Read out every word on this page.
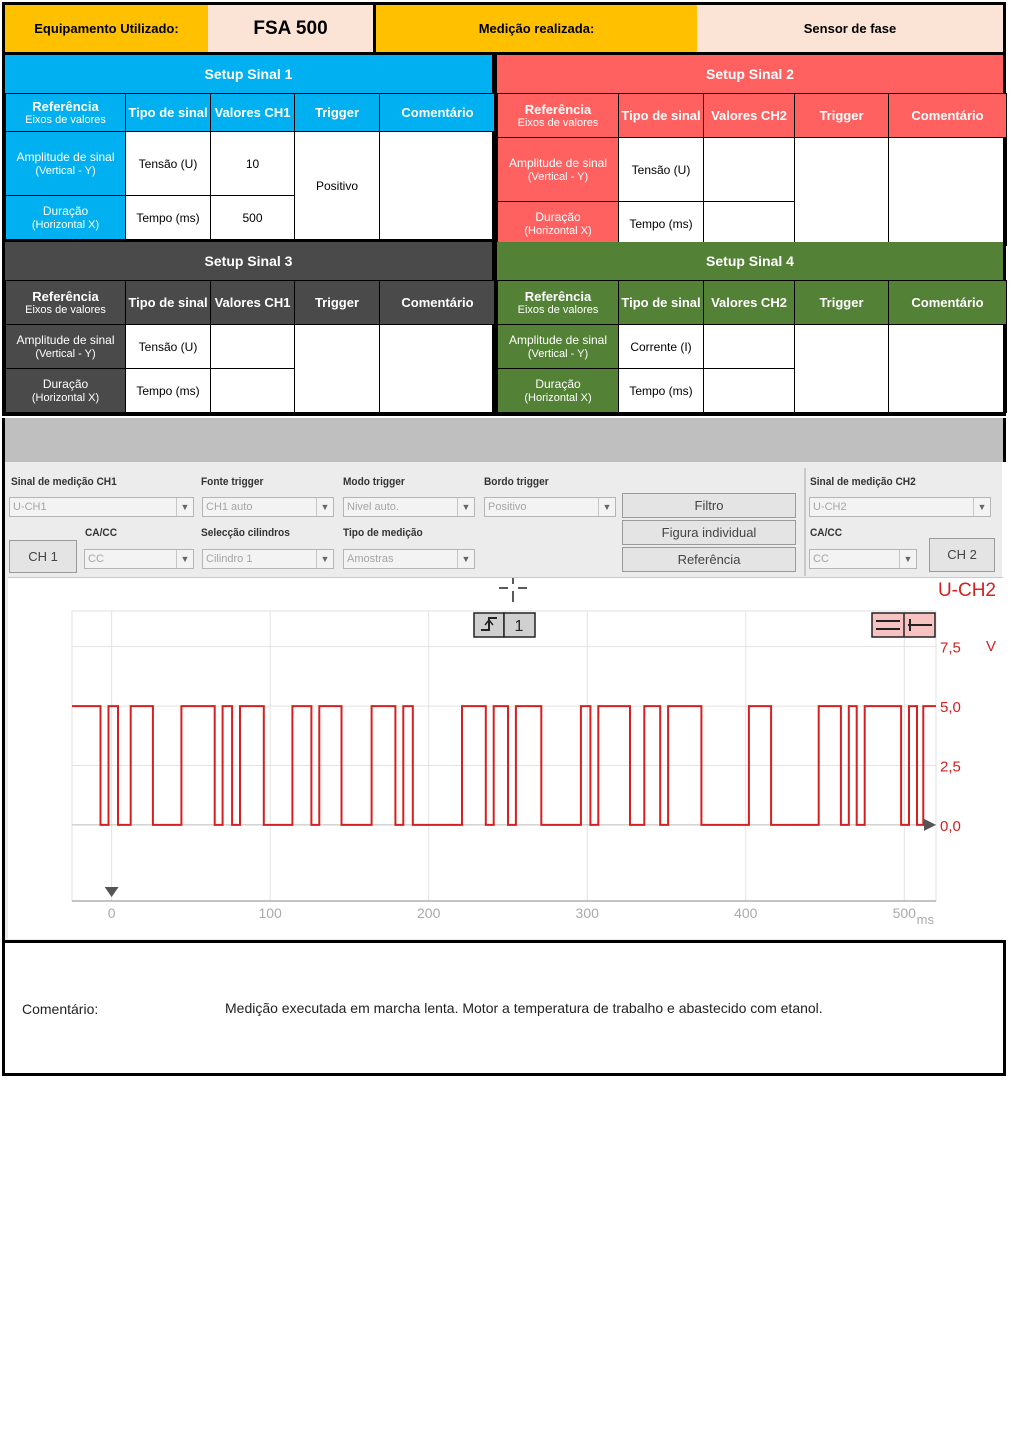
Equipamento Utilizado:	FSA 500	Medição realizada:	Sensor de fase
Setup Sinal 1
Referência
Eixos de valores	Tipo de sinal	Valores CH1	Trigger	Comentário
Amplitude de sinal
(Vertical - Y)	Tensão (U)	10	Positivo	
Duração
(Horizontal X)	Tempo (ms)	500		
Setup Sinal 2
Referência
Eixos de valores	Tipo de sinal	Valores CH2	Trigger	Comentário
Amplitude de sinal
(Vertical - Y)	Tensão (U)			
Duração
(Horizontal X)	Tempo (ms)			
Setup Sinal 3
Referência
Eixos de valores	Tipo de sinal	Valores CH1	Trigger	Comentário
Amplitude de sinal
(Vertical - Y)	Tensão (U)			
Duração
(Horizontal X)	Tempo (ms)			
Setup Sinal 4
Referência
Eixos de valores	Tipo de sinal	Valores CH2	Trigger	Comentário
Amplitude de sinal
(Vertical - Y)	Corrente (I)			
Duração
(Horizontal X)	Tempo (ms)			
Sinal de medição CH1
U-CH1	▼
CA/CC
CH 1	CC	▼
Fonte trigger
CH1 auto	▼
Selecção cilindros
Cilindro 1	▼
Modo trigger
Nivel auto.	▼
Tipo de medição
Amostras	▼
Bordo trigger
Positivo	▼	Filtro
Figura individual
Referência
Sinal de medição CH2
U-CH2	▼
CA/CC
CC	▼	CH 2
0	100	200	300	400	500
0,0
2,5
5,0
7,5
1
U-CH2
V
ms
Comentário:	Medição executada em marcha lenta. Motor a temperatura de trabalho e abastecido com etanol.
